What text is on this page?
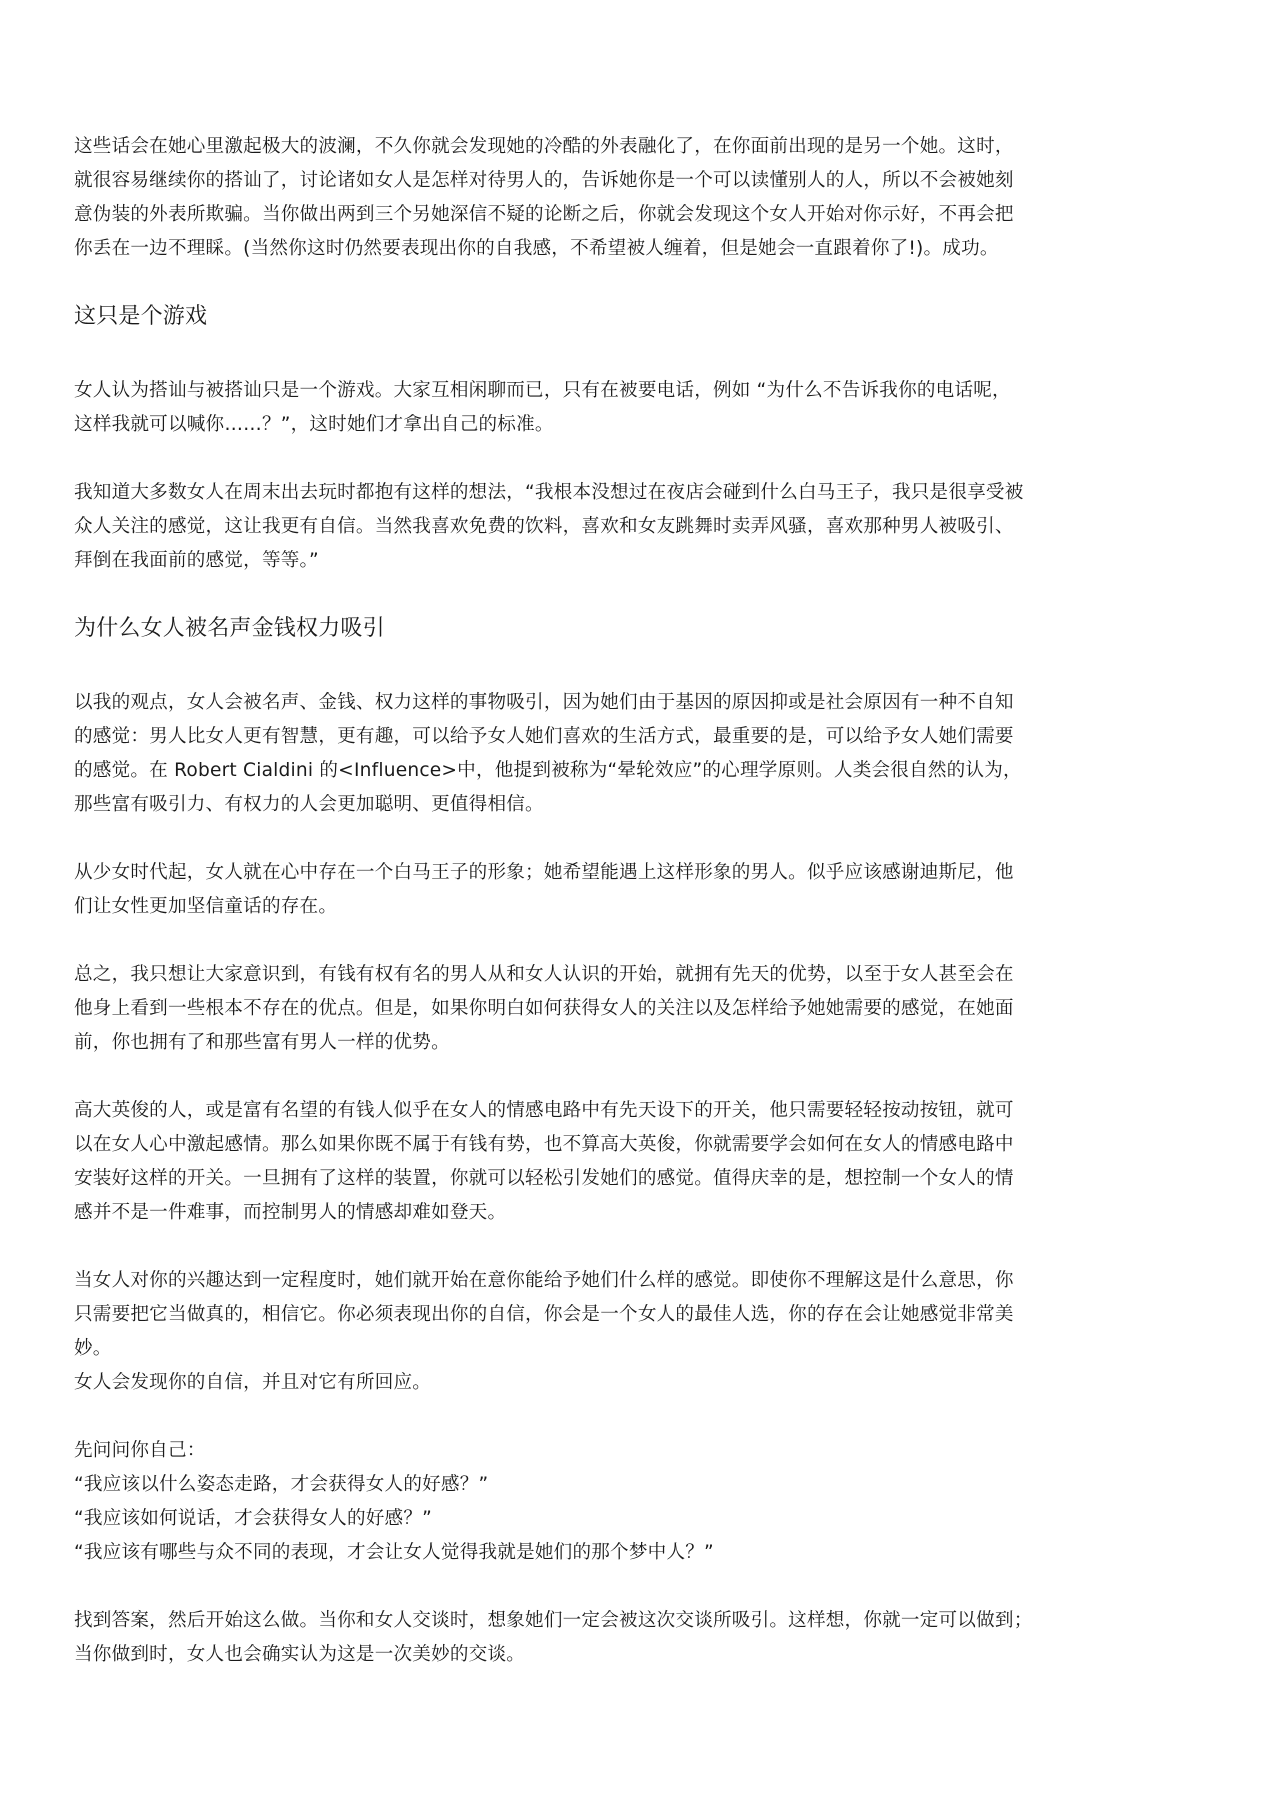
这些话会在她心里激起极大的波澜，不久你就会发现她的冷酷的外表融化了，在你面前出现的是另一个她。这时，
就很容易继续你的搭讪了，讨论诸如女人是怎样对待男人的，告诉她你是一个可以读懂别人的人，所以不会被她刻
意伪装的外表所欺骗。当你做出两到三个另她深信不疑的论断之后，你就会发现这个女人开始对你示好，不再会把
你丢在一边不理睬。(当然你这时仍然要表现出你的自我感，不希望被人缠着，但是她会一直跟着你了!)。成功。

这只是个游戏

女人认为搭讪与被搭讪只是一个游戏。大家互相闲聊而已，只有在被要电话，例如 “为什么不告诉我你的电话呢，
这样我就可以喊你……？”，这时她们才拿出自己的标准。

我知道大多数女人在周末出去玩时都抱有这样的想法，“我根本没想过在夜店会碰到什么白马王子，我只是很享受被
众人关注的感觉，这让我更有自信。当然我喜欢免费的饮料，喜欢和女友跳舞时卖弄风骚，喜欢那种男人被吸引、
拜倒在我面前的感觉，等等。”

为什么女人被名声金钱权力吸引

以我的观点，女人会被名声、金钱、权力这样的事物吸引，因为她们由于基因的原因抑或是社会原因有一种不自知
的感觉：男人比女人更有智慧，更有趣，可以给予女人她们喜欢的生活方式，最重要的是，可以给予女人她们需要
的感觉。在 Robert Cialdini 的<Influence>中，他提到被称为“晕轮效应”的心理学原则。人类会很自然的认为，
那些富有吸引力、有权力的人会更加聪明、更值得相信。

从少女时代起，女人就在心中存在一个白马王子的形象；她希望能遇上这样形象的男人。似乎应该感谢迪斯尼，他
们让女性更加坚信童话的存在。

总之，我只想让大家意识到，有钱有权有名的男人从和女人认识的开始，就拥有先天的优势，以至于女人甚至会在
他身上看到一些根本不存在的优点。但是，如果你明白如何获得女人的关注以及怎样给予她她需要的感觉，在她面
前，你也拥有了和那些富有男人一样的优势。

高大英俊的人，或是富有名望的有钱人似乎在女人的情感电路中有先天设下的开关，他只需要轻轻按动按钮，就可
以在女人心中激起感情。那么如果你既不属于有钱有势，也不算高大英俊，你就需要学会如何在女人的情感电路中
安装好这样的开关。一旦拥有了这样的装置，你就可以轻松引发她们的感觉。值得庆幸的是，想控制一个女人的情
感并不是一件难事，而控制男人的情感却难如登天。

当女人对你的兴趣达到一定程度时，她们就开始在意你能给予她们什么样的感觉。即使你不理解这是什么意思，你
只需要把它当做真的，相信它。你必须表现出你的自信，你会是一个女人的最佳人选，你的存在会让她感觉非常美
妙。
女人会发现你的自信，并且对它有所回应。

先问问你自己：
“我应该以什么姿态走路，才会获得女人的好感？”
“我应该如何说话，才会获得女人的好感？”
“我应该有哪些与众不同的表现，才会让女人觉得我就是她们的那个梦中人？”

找到答案，然后开始这么做。当你和女人交谈时，想象她们一定会被这次交谈所吸引。这样想，你就一定可以做到；
当你做到时，女人也会确实认为这是一次美妙的交谈。
